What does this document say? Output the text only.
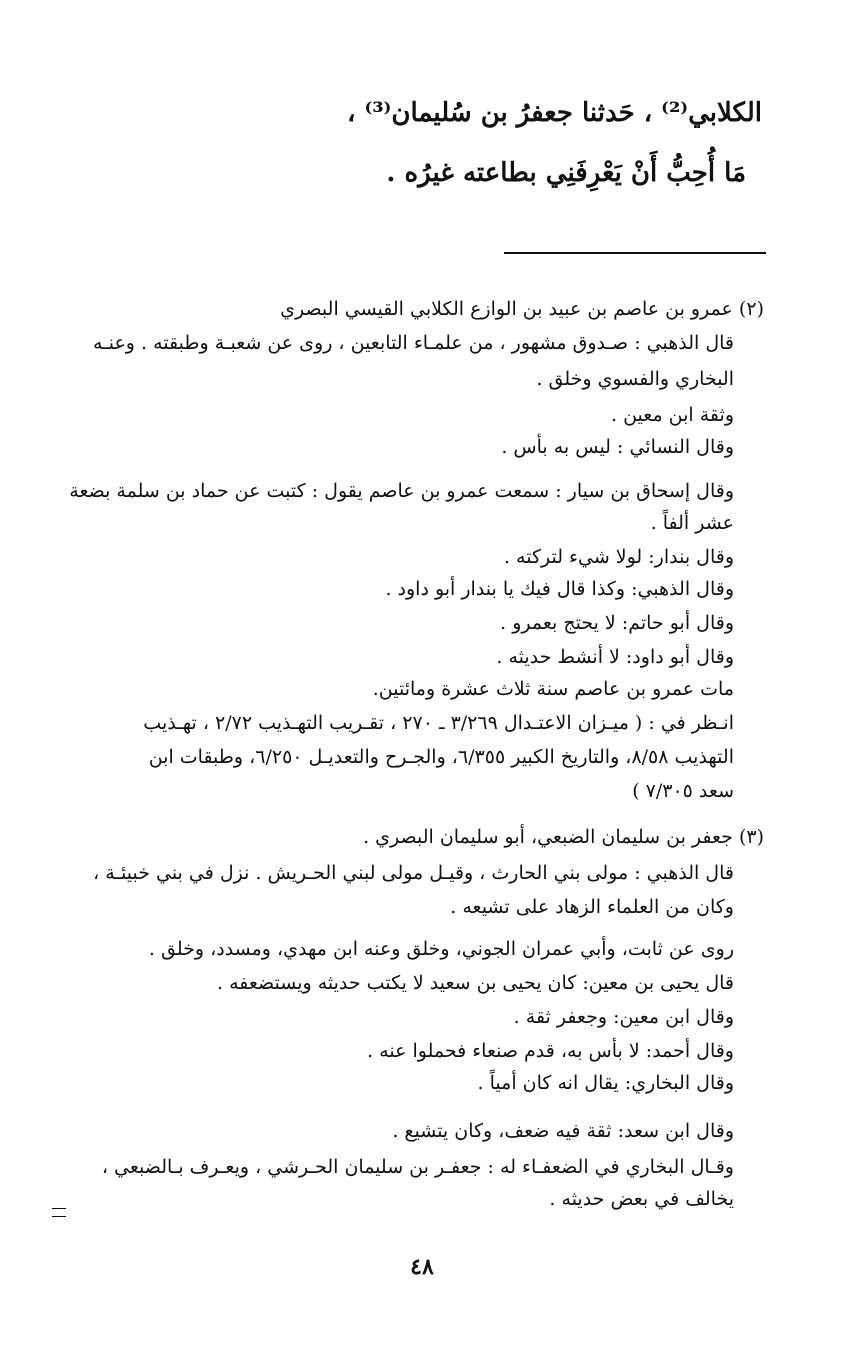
الكلابي⁽²⁾ ، حَدثنا جعفرُ بن سُليمان⁽³⁾ ،
مَا أُحِبُّ أَنْ يَعْرِفَنِي بطاعته غيرُه .
(٢) عمرو بن عاصم بن عبيد بن الوازع الكلابي القيسي البصري
قال الذهبي : صـدوق مشهور ، من علمـاء التابعين ، روى عن شعبـة وطبقته . وعنـه
البخاري والفسوي وخلق .
وثقة ابن معين .
وقال النسائي : ليس به بأس .
وقال إسحاق بن سيار : سمعت عمرو بن عاصم يقول : كتبت عن حماد بن سلمة بضعة
عشر ألفاً .
وقال بندار: لولا شيء لتركته .
وقال الذهبي: وكذا قال فيك يا بندار أبو داود .
وقال أبو حاتم: لا يحتج بعمرو .
وقال أبو داود: لا أنشط حديثه .
مات عمرو بن عاصم سنة ثلاث عشرة ومائتين.
انـظر في : ( ميـزان الاعتـدال ٣/٢٦٩ ـ ٢٧٠ ، تقـريب التهـذيب ٢/٧٢ ، تهـذيب
التهذيب ٨/٥٨، والتاريخ الكبير ٦/٣٥٥، والجـرح والتعديـل ٦/٢٥٠، وطبقات ابن
سعد ٧/٣٠٥ )
(٣) جعفر بن سليمان الضبعي، أبو سليمان البصري .
قال الذهبي : مولى بني الحارث ، وقيـل مولى لبني الحـريش . نزل في بني خبيئـة ،
وكان من العلماء الزهاد على تشيعه .
روى عن ثابت، وأبي عمران الجوني، وخلق وعنه ابن مهدي، ومسدد، وخلق .
قال يحيى بن معين: كان يحيى بن سعيد لا يكتب حديثه ويستضعفه .
وقال ابن معين: وجعفر ثقة .
وقال أحمد: لا بأس به، قدم صنعاء فحملوا عنه .
وقال البخاري: يقال انه كان أمياً .
وقال ابن سعد: ثقة فيه ضعف، وكان يتشيع .
وقـال البخاري في الضعفـاء له : جعفـر بن سليمان الحـرشي ، ويعـرف بـالضبعي ،
يخالف في بعض حديثه .
٤٨
